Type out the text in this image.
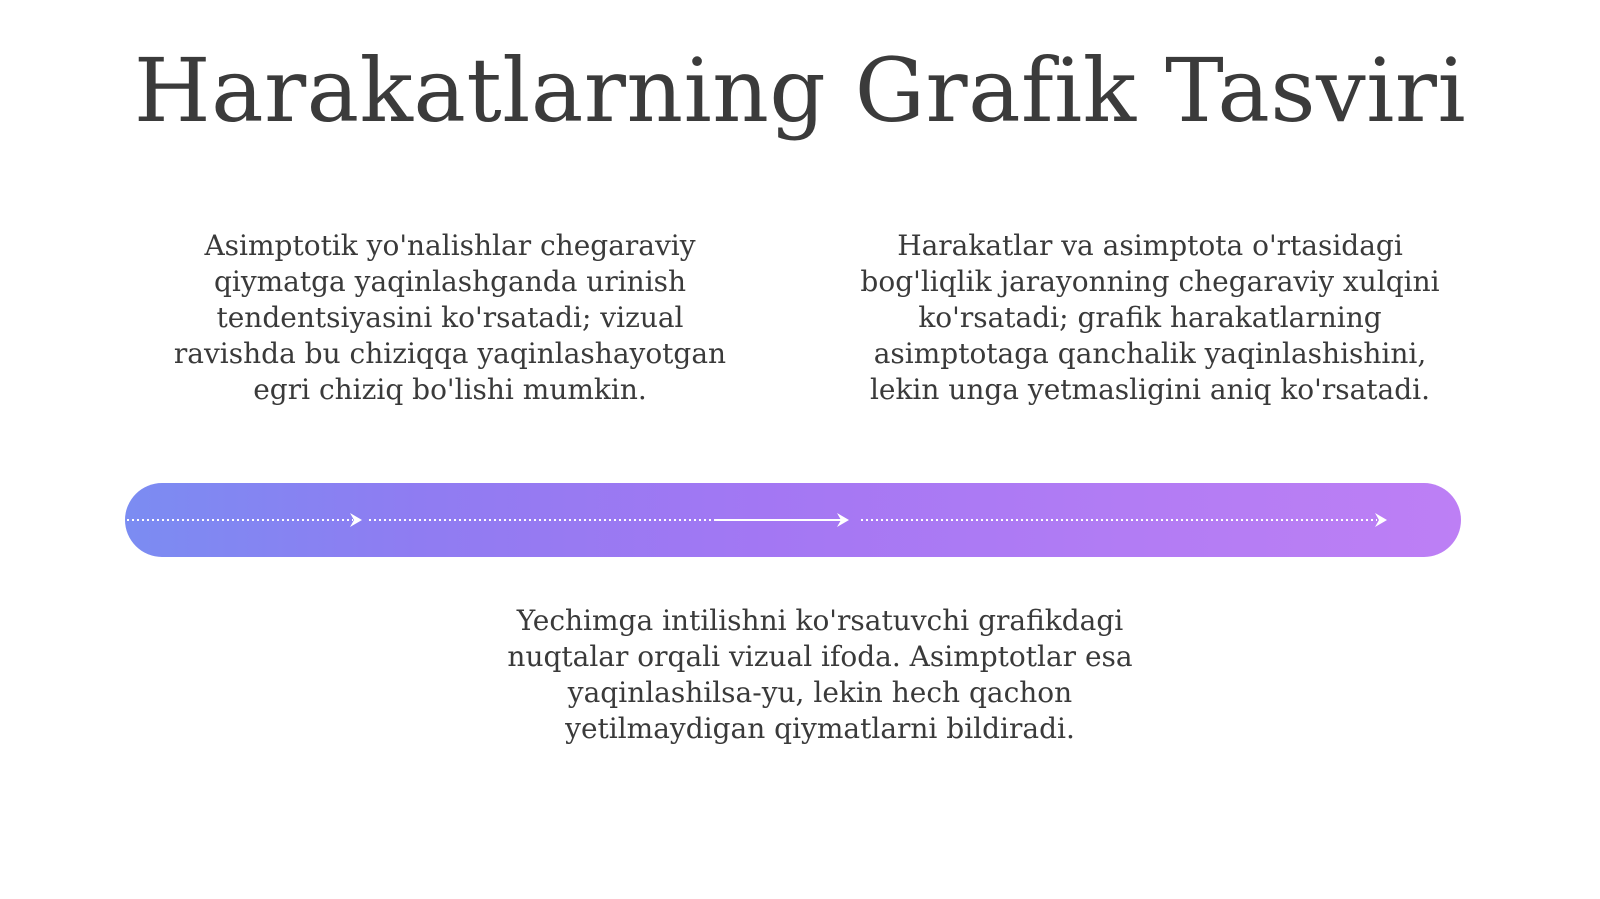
Harakatlarning Grafik Tasviri

Asimptotik yo'nalishlar chegaraviy qiymatga yaqinlashganda urinish tendentsiyasini ko'rsatadi; vizual ravishda bu chiziqqa yaqinlashayotgan egri chiziq bo'lishi mumkin.

Harakatlar va asimptota o'rtasidagi bog'liqlik jarayonning chegaraviy xulqini ko'rsatadi; grafik harakatlarning asimptotaga qanchalik yaqinlashishini, lekin unga yetmasligini aniq ko'rsatadi.

Yechimga intilishni ko'rsatuvchi grafikdagi nuqtalar orqali vizual ifoda. Asimptotlar esa yaqinlashilsa-yu, lekin hech qachon yetilmaydigan qiymatlarni bildiradi.
